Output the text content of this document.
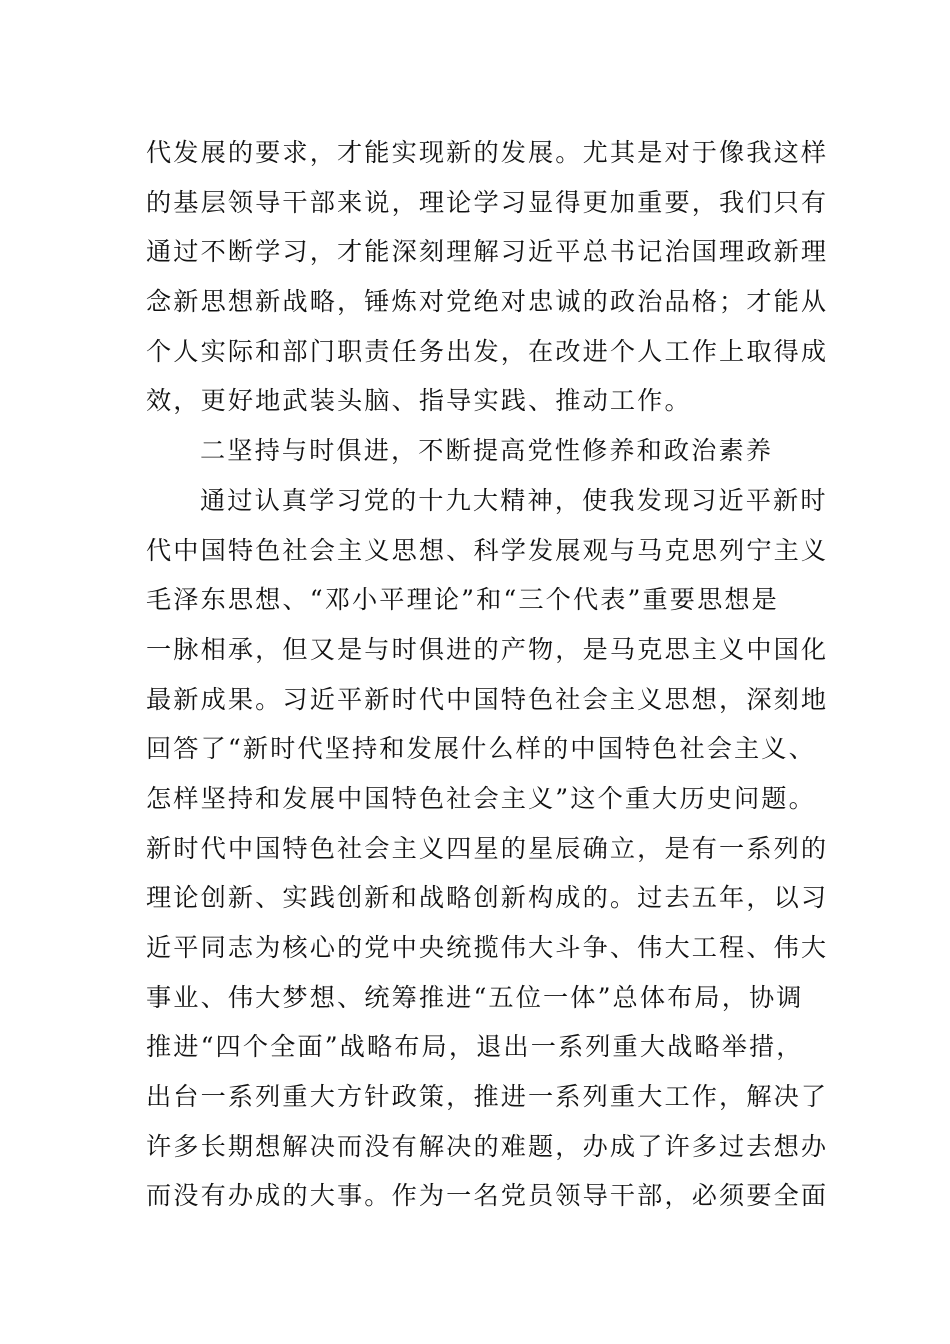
代发展的要求，才能实现新的发展。尤其是对于像我这样
的基层领导干部来说，理论学习显得更加重要，我们只有
通过不断学习，才能深刻理解习近平总书记治国理政新理
念新思想新战略，锤炼对党绝对忠诚的政治品格；才能从
个人实际和部门职责任务出发，在改进个人工作上取得成
效，更好地武装头脑、指导实践、推动工作。
二坚持与时俱进，不断提高党性修养和政治素养
通过认真学习党的十九大精神，使我发现习近平新时
代中国特色社会主义思想、科学发展观与马克思列宁主义
毛泽东思想、“邓小平理论”和“三个代表”重要思想是
一脉相承，但又是与时俱进的产物，是马克思主义中国化
最新成果。习近平新时代中国特色社会主义思想，深刻地
回答了“新时代坚持和发展什么样的中国特色社会主义、
怎样坚持和发展中国特色社会主义”这个重大历史问题。
新时代中国特色社会主义四星的星辰确立，是有一系列的
理论创新、实践创新和战略创新构成的。过去五年，以习
近平同志为核心的党中央统揽伟大斗争、伟大工程、伟大
事业、伟大梦想、统筹推进“五位一体”总体布局，协调
推进“四个全面”战略布局，退出一系列重大战略举措，
出台一系列重大方针政策，推进一系列重大工作，解决了
许多长期想解决而没有解决的难题，办成了许多过去想办
而没有办成的大事。作为一名党员领导干部，必须要全面
